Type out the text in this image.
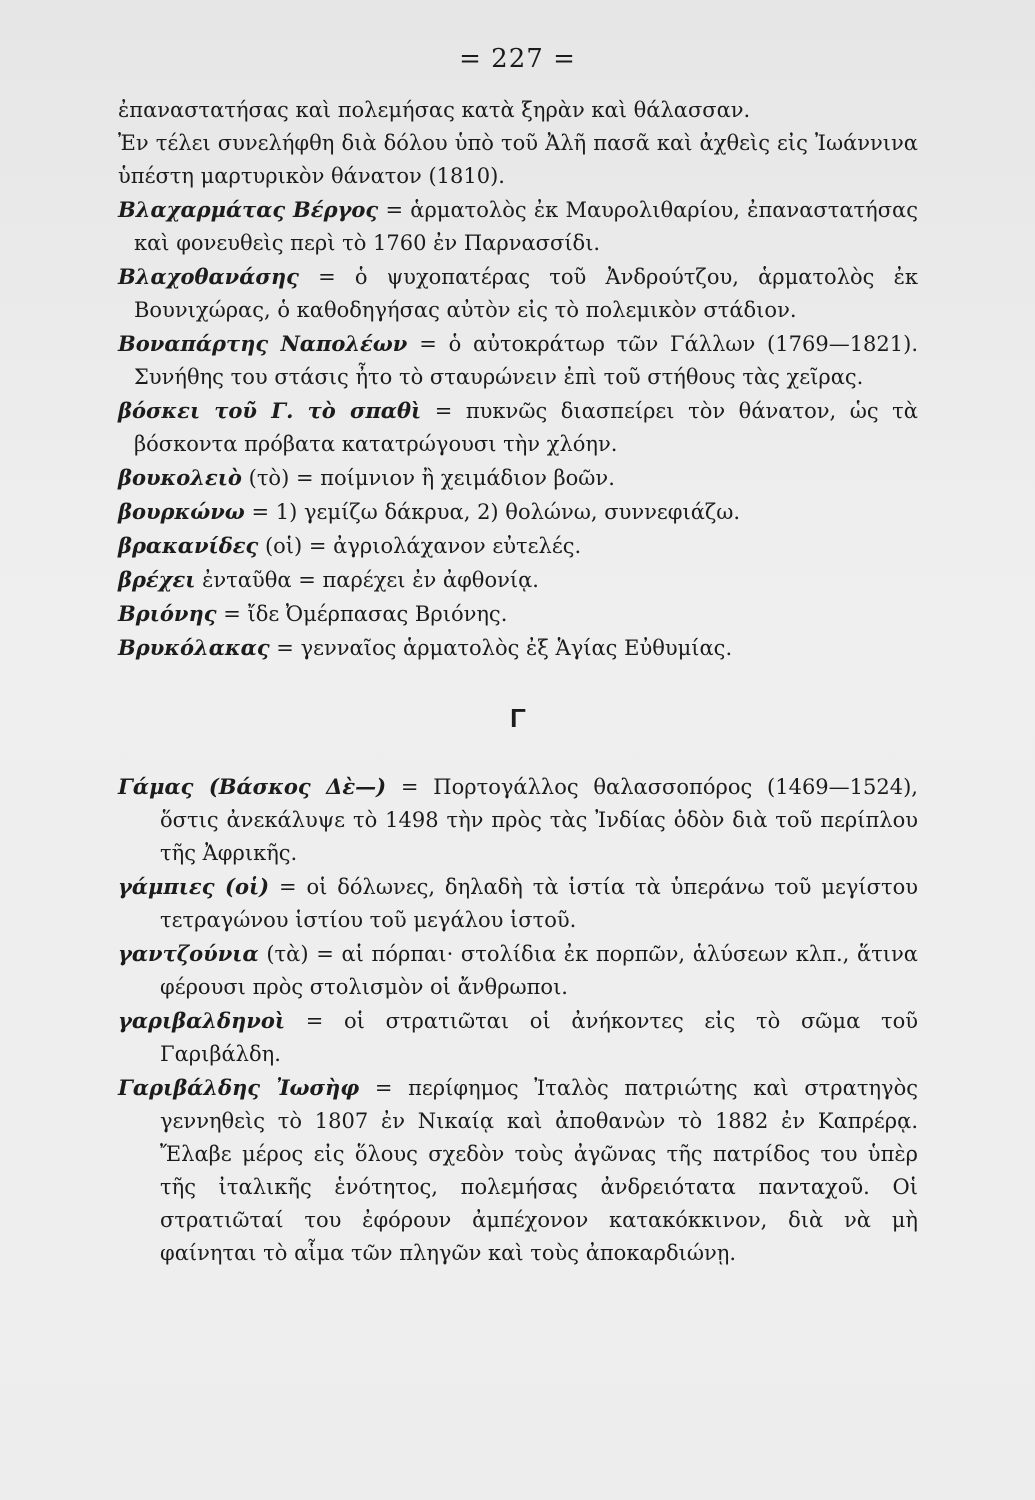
= 227 =

ἐπαναστατήσας καὶ πολεμήσας κατὰ ξηρὰν καὶ θάλασσαν.

Ἐν τέλει συνελήφθη διὰ δόλου ὑπὸ τοῦ Ἀλῆ πασᾶ καὶ ἀχθεὶς εἰς Ἰωάννινα ὑπέστη μαρτυρικὸν θάνατον (1810).

Βλαχαρμάτας Βέργος = ἁρματολὸς ἐκ Μαυρολιθαρίου, ἐπαναστατήσας καὶ φονευθεὶς περὶ τὸ 1760 ἐν Παρνασσίδι.

Βλαχοθανάσης = ὁ ψυχοπατέρας τοῦ Ἀνδρούτζου, ἁρματολὸς ἐκ Βουνιχώρας, ὁ καθοδηγήσας αὐτὸν εἰς τὸ πολεμικὸν στάδιον.

Βοναπάρτης Ναπολέων = ὁ αὐτοκράτωρ τῶν Γάλλων (1769—1821). Συνήθης του στάσις ἦτο τὸ σταυρώνειν ἐπὶ τοῦ στήθους τὰς χεῖρας.

βόσκει τοῦ Γ. τὸ σπαθὶ = πυκνῶς διασπείρει τὸν θάνατον, ὡς τὰ βόσκοντα πρόβατα κατατρώγουσι τὴν χλόην.

βουκολειὸ (τὸ) = ποίμνιον ἢ χειμάδιον βοῶν.

βουρκώνω = 1) γεμίζω δάκρυα, 2) θολώνω, συννεφιάζω.

βρακανίδες (οἱ) = ἀγριολάχανον εὐτελές.

βρέχει ἐνταῦθα = παρέχει ἐν ἀφθονίᾳ.

Βριόνης = ἴδε Ὀμέρπασας Βριόνης.

Βρυκόλακας = γενναῖος ἁρματολὸς ἐξ Ἁγίας Εὐθυμίας.

Γ

Γάμας (Βάσκος Δὲ—) = Πορτογάλλος θαλασσοπόρος (1469—1524), ὅστις ἀνεκάλυψε τὸ 1498 τὴν πρὸς τὰς Ἰνδίας ὁδὸν διὰ τοῦ περίπλου τῆς Ἀφρικῆς.

γάμπιες (οἱ) = οἱ δόλωνες, δηλαδὴ τὰ ἱστία τὰ ὑπεράνω τοῦ μεγίστου τετραγώνου ἱστίου τοῦ μεγάλου ἱστοῦ.

γαντζούνια (τὰ) = αἱ πόρπαι· στολίδια ἐκ πορπῶν, ἁλύσεων κλπ., ἅτινα φέρουσι πρὸς στολισμὸν οἱ ἄνθρωποι.

γαριβαλδηνοὶ = οἱ στρατιῶται οἱ ἀνήκοντες εἰς τὸ σῶμα τοῦ Γαριβάλδη.

Γαριβάλδης Ἰωσὴφ = περίφημος Ἰταλὸς πατριώτης καὶ στρατηγὸς γεννηθεὶς τὸ 1807 ἐν Νικαίᾳ καὶ ἀποθανὼν τὸ 1882 ἐν Καπρέρᾳ. Ἔλαβε μέρος εἰς ὅλους σχεδὸν τοὺς ἀγῶνας τῆς πατρίδος του ὑπὲρ τῆς ἰταλικῆς ἑνότητος, πολεμήσας ἀνδρειότατα πανταχοῦ. Οἱ στρατιῶταί του ἐφόρουν ἀμπέχονον κατακόκκινον, διὰ νὰ μὴ φαίνηται τὸ αἷμα τῶν πληγῶν καὶ τοὺς ἀποκαρδιώνῃ.
